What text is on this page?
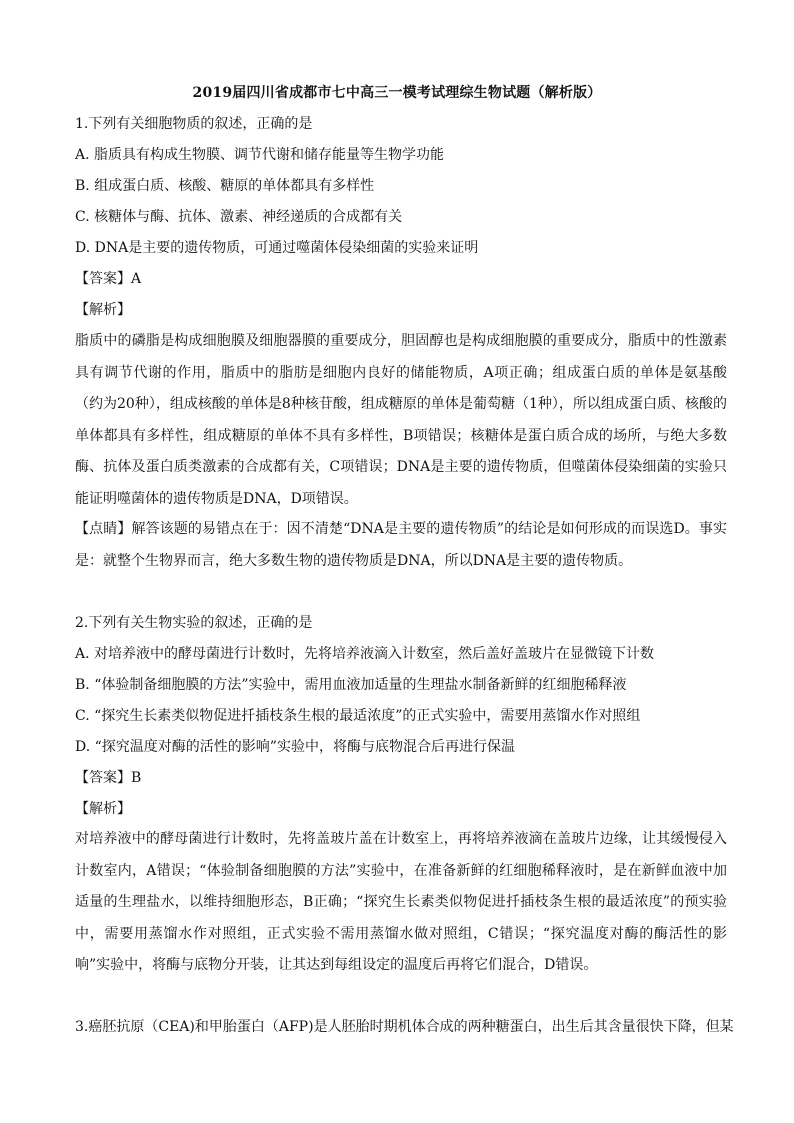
2019届四川省成都市七中高三一模考试理综生物试题（解析版）
1.下列有关细胞物质的叙述，正确的是
A. 脂质具有构成生物膜、调节代谢和储存能量等生物学功能
B. 组成蛋白质、核酸、糖原的单体都具有多样性
C. 核糖体与酶、抗体、激素、神经递质的合成都有关
D. DNA是主要的遗传物质，可通过噬菌体侵染细菌的实验来证明
【答案】A
【解析】
脂质中的磷脂是构成细胞膜及细胞器膜的重要成分，胆固醇也是构成细胞膜的重要成分，脂质中的性激素具有调节代谢的作用，脂质中的脂肪是细胞内良好的储能物质，A项正确；组成蛋白质的单体是氨基酸（约为20种），组成核酸的单体是8种核苷酸，组成糖原的单体是葡萄糖（1种），所以组成蛋白质、核酸的单体都具有多样性，组成糖原的单体不具有多样性，B项错误；核糖体是蛋白质合成的场所，与绝大多数酶、抗体及蛋白质类激素的合成都有关，C项错误；DNA是主要的遗传物质，但噬菌体侵染细菌的实验只能证明噬菌体的遗传物质是DNA，D项错误。
【点睛】解答该题的易错点在于：因不清楚“DNA是主要的遗传物质”的结论是如何形成的而误选D。事实是：就整个生物界而言，绝大多数生物的遗传物质是DNA，所以DNA是主要的遗传物质。
2.下列有关生物实验的叙述，正确的是
A. 对培养液中的酵母菌进行计数时，先将培养液滴入计数室，然后盖好盖玻片在显微镜下计数
B. “体验制备细胞膜的方法”实验中，需用血液加适量的生理盐水制备新鲜的红细胞稀释液
C. “探究生长素类似物促进扦插枝条生根的最适浓度”的正式实验中，需要用蒸馏水作对照组
D. “探究温度对酶的活性的影响”实验中，将酶与底物混合后再进行保温
【答案】B
【解析】
对培养液中的酵母菌进行计数时，先将盖玻片盖在计数室上，再将培养液滴在盖玻片边缘，让其缓慢侵入计数室内，A错误；“体验制备细胞膜的方法”实验中，在准备新鲜的红细胞稀释液时，是在新鲜血液中加适量的生理盐水，以维持细胞形态，B正确；“探究生长素类似物促进扦插枝条生根的最适浓度”的预实验中，需要用蒸馏水作对照组，正式实验不需用蒸馏水做对照组，C错误；“探究温度对酶的酶活性的影响”实验中，将酶与底物分开装，让其达到每组设定的温度后再将它们混合，D错误。
3.癌胚抗原（CEA)和甲胎蛋白（AFP)是人胚胎时期机体合成的两种糖蛋白，出生后其含量很快下降，但某
